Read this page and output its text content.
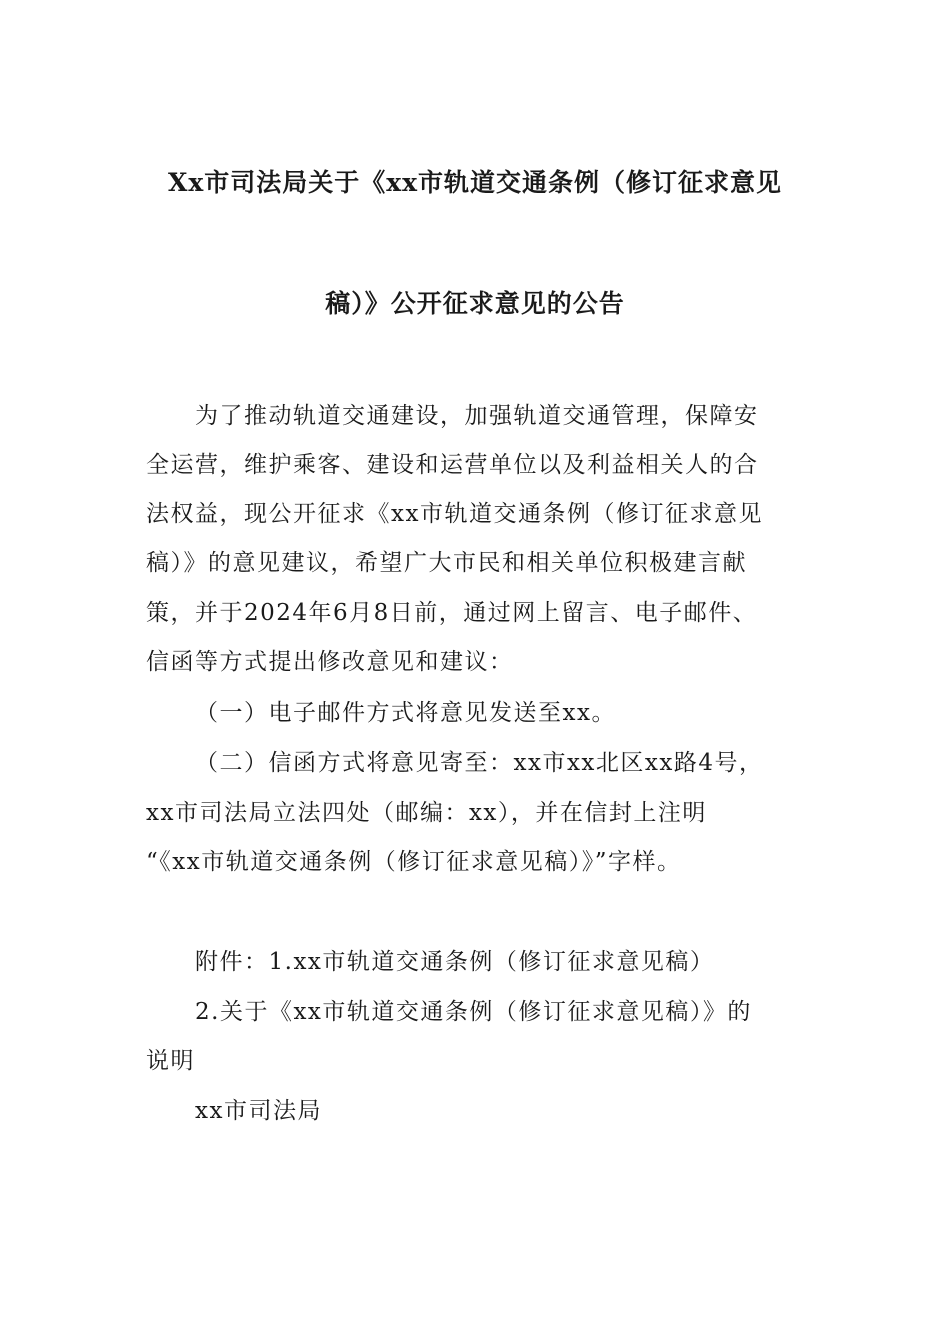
Xx市司法局关于《xx市轨道交通条例（修订征求意见
稿）》公开征求意见的公告
为了推动轨道交通建设，加强轨道交通管理，保障安
全运营，维护乘客、建设和运营单位以及利益相关人的合
法权益，现公开征求《xx市轨道交通条例（修订征求意见
稿）》的意见建议，希望广大市民和相关单位积极建言献
策，并于2024年6月8日前，通过网上留言、电子邮件、
信函等方式提出修改意见和建议：
（一）电子邮件方式将意见发送至xx。
（二）信函方式将意见寄至：xx市xx北区xx路4号，
xx市司法局立法四处（邮编：xx），并在信封上注明
“《xx市轨道交通条例（修订征求意见稿）》”字样。
附件：1.xx市轨道交通条例（修订征求意见稿）
2.关于《xx市轨道交通条例（修订征求意见稿）》的
说明
xx市司法局
